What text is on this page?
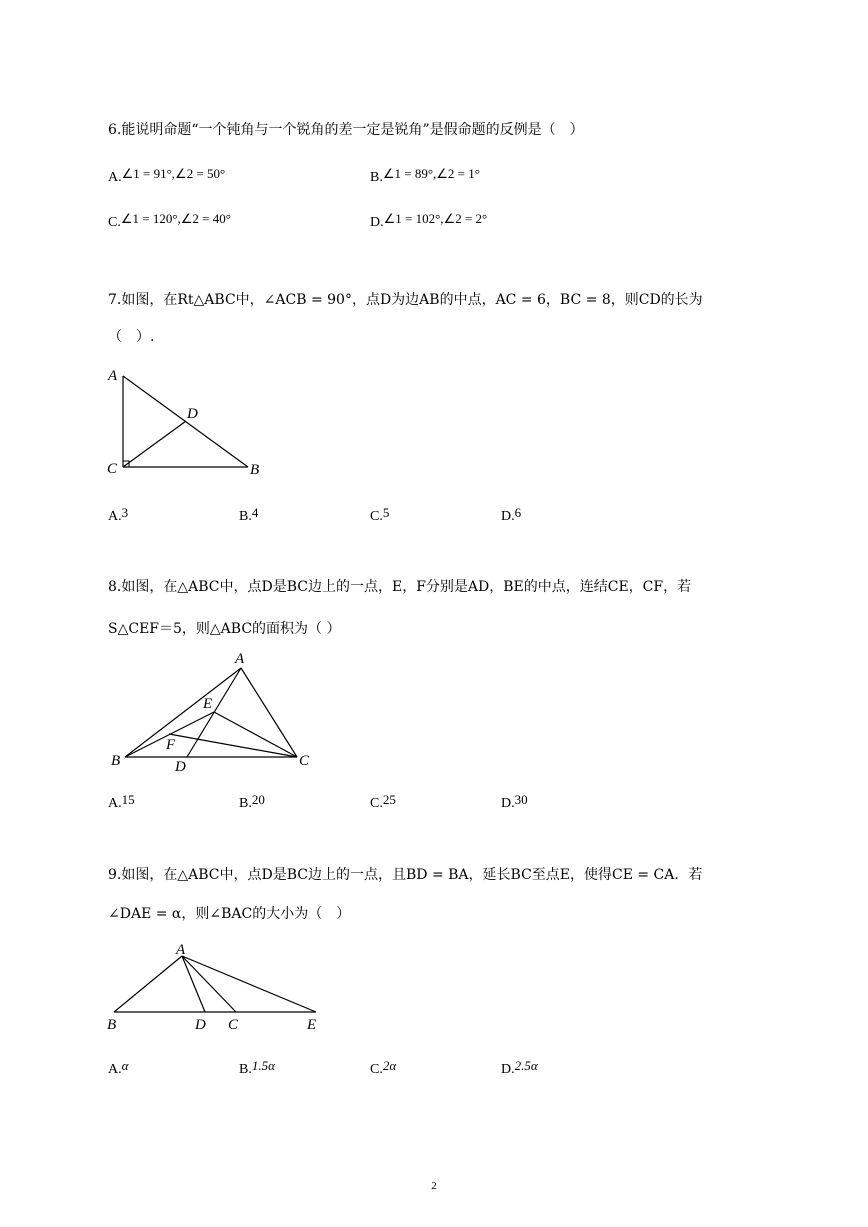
6.能说明命题“一个钝角与一个锐角的差一定是锐角”是假命题的反例是（　）
A.∠1 = 91°,∠2 = 50°	B.∠1 = 89°,∠2 = 1°
C.∠1 = 120°,∠2 = 40°	D.∠1 = 102°,∠2 = 2°
7.如图，在Rt△ABC中，∠ACB = 90°，点D为边AB的中点，AC = 6，BC = 8，则CD的长为
（　）.
A
D
C	B
A.3	B.4	C.5	D.6
8.如图，在△ABC中，点D是BC边上的一点，E，F分别是AD，BE的中点，连结CE，CF，若
S△CEF＝5，则△ABC的面积为（ ）
A
E
F
B	D	C
A.15	B.20	C.25	D.30
9.如图，在△ABC中，点D是BC边上的一点，且BD = BA，延长BC至点E，使得CE = CA．若
∠DAE = α，则∠BAC的大小为（　）
A
B	D C	E
A.α	B.1.5α	C.2α	D.2.5α
2
